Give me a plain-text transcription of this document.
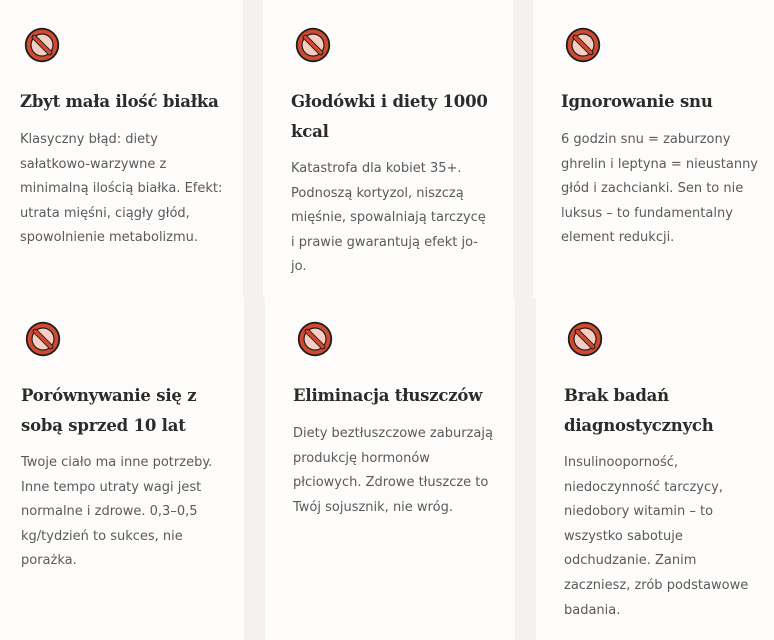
Zbyt mała ilość białka

Klasyczny błąd: diety sałatkowo-warzywne z minimalną ilością białka. Efekt: utrata mięśni, ciągły głód, spowolnienie metabolizmu.

Głodówki i diety 1000 kcal

Katastrofa dla kobiet 35+. Podnoszą kortyzol, niszczą mięśnie, spowalniają tarczycę i prawie gwarantują efekt jo-jo.

Ignorowanie snu

6 godzin snu = zaburzony ghrelin i leptyna = nieustanny głód i zachcianki. Sen to nie luksus – to fundamentalny element redukcji.

Porównywanie się z sobą sprzed 10 lat

Twoje ciało ma inne potrzeby. Inne tempo utraty wagi jest normalne i zdrowe. 0,3–0,5 kg/tydzień to sukces, nie porażka.

Eliminacja tłuszczów

Diety beztłuszczowe zaburzają produkcję hormonów płciowych. Zdrowe tłuszcze to Twój sojusznik, nie wróg.

Brak badań diagnostycznych

Insulinooporność, niedoczynność tarczycy, niedobory witamin – to wszystko sabotuje odchudzanie. Zanim zaczniesz, zrób podstawowe badania.
